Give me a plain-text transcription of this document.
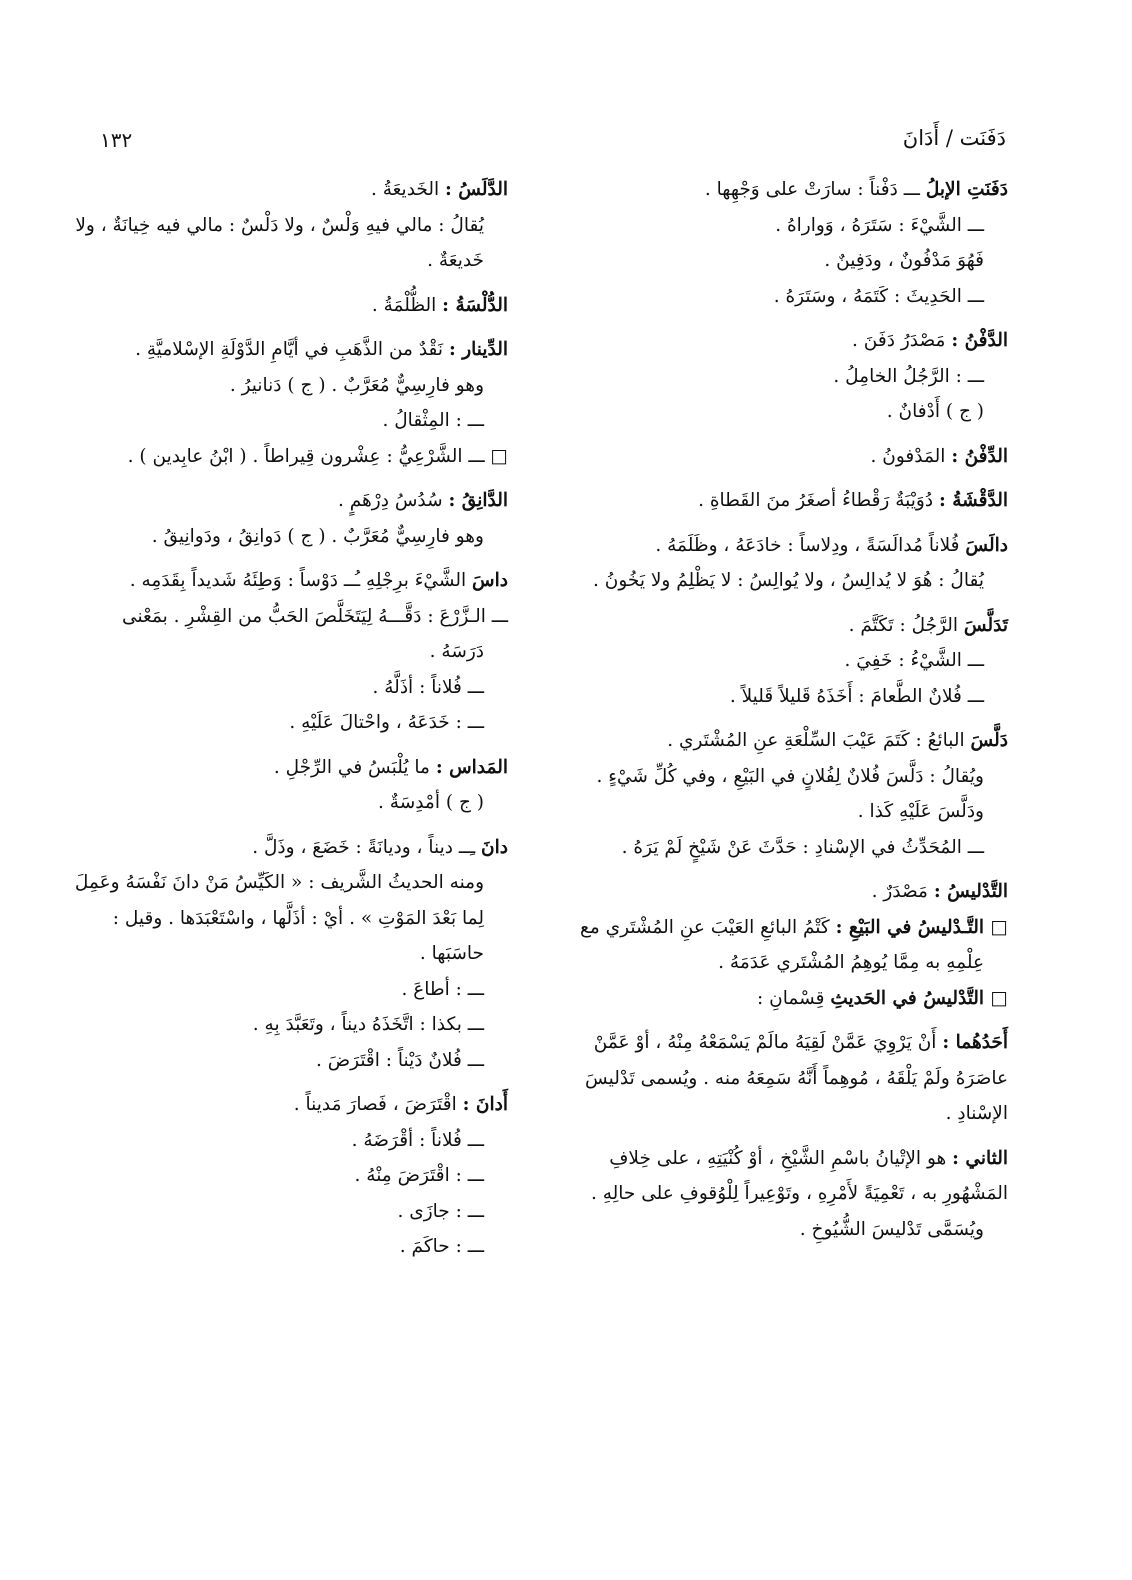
١٣٢	دَفَنَت / أَدَانَ
دَفَنَتِ الإبلُ ـــ دَفْناً : سارَتْ على وَجْهِها .
ـــ الشَّيْءَ : سَتَرَهُ ، وَواراهُ .
فَهُوَ مَدْفُونٌ ، ودَفِينٌ .
ـــ الحَدِيثَ : كَتَمَهُ ، وسَتَرَهُ .
الدَّفْنُ : مَصْدَرُ دَفَنَ .
ـــ : الرَّجُلُ الخامِلُ .
( ج ) أَدْفانٌ .
الدِّفْنُ : المَدْفونُ .
الدَّقْشَةُ : دُوَيْبَةٌ رَقْطاءُ أصغَرُ منَ القَطاةِ .
دالَسَ فُلاناً مُدالَسَةً ، ودِلاساً : خادَعَهُ ، وظَلَمَهُ .
يُقالُ : هُوَ لا يُدالِسُ ، ولا يُوالِسُ : لا يَظْلِمُ ولا يَخُونُ .
تَدَلَّسَ الرَّجُلُ : تَكَتَّمَ .
ـــ الشَّيْءُ : خَفِيَ .
ـــ فُلانٌ الطَّعامَ : أَخَذَهُ قَليلاً قَليلاً .
دَلَّسَ البائعُ : كَتَمَ عَيْبَ السِّلْعَةِ عنِ المُشْتَري .
ويُقالُ : دَلَّسَ فُلانٌ لِفُلانٍ في البَيْعِ ، وفي كُلِّ شَيْءٍ .
ودَلَّسَ عَلَيْهِ كَذا .
ـــ المُحَدِّثُ في الإسْنادِ : حَدَّثَ عَنْ شَيْخٍ لَمْ يَرَهُ .
التَّدْليسُ : مَصْدَرٌ .
□ التَّـدْليسُ في البَيْعِ : كَتْمُ البائعِ العَيْبَ عنِ المُشْتَري مع
عِلْمِهِ به مِمَّا يُوهِمُ المُشْتَري عَدَمَهُ .
□ التَّدْليسُ في الحَديثِ قِسْمانِ :
أَحَدُهُما : أَنْ يَرْوِيَ عَمَّنْ لَقِيَهُ مالَمْ يَسْمَعْهُ مِنْهُ ، أوْ عَمَّنْ
عاصَرَهُ ولَمْ يَلْقَهُ ، مُوهِماً أَنَّهُ سَمِعَهُ منه . ويُسمى تَدْليسَ
الإسْنادِ .
الثاني : هو الإتْيانُ باسْمِ الشَّيْخِ ، أوْ كُنْيَتِهِ ، على خِلافِ
المَشْهُورِ به ، تَعْمِيَةً لأَمْرِهِ ، وتَوْعِيراً لِلْوُقوفِ على حالِهِ .
ويُسَمَّى تَدْليسَ الشُّيُوخِ .
الدَّلَسُ : الخَديعَةُ .
يُقالُ : مالي فيهِ وَلْسٌ ، ولا دَلْسٌ : مالي فيه خِيانَةٌ ، ولا
خَديعَةٌ .
الدُّلْسَةُ : الظُّلْمَةُ .
الدِّينار : نَقْدٌ من الذَّهَبِ في أيَّامِ الدَّوْلَةِ الإسْلاميَّةِ .
وهو فارِسِيٌّ مُعَرَّبٌ . ( ج ) دَنانيرُ .
ـــ : المِثْقالُ .
□ ـــ الشَّرْعِيُّ : عِشْرون قِيراطاً . ( ابْنُ عابِدين ) .
الدَّانِقُ : سُدُسُ دِرْهَمٍ .
وهو فارِسِيٌّ مُعَرَّبٌ . ( ج ) دَوانِقُ ، ودَوانِيقُ .
داسَ الشَّيْءَ برِجْلِهِ ـُــ دَوْساً : وَطِئَهُ شَديداً بِقَدَمِه .
ـــ الـزَّرْعَ : دَقَّـــهُ لِيَتَخَلَّصَ الحَبُّ من القِشْرِ . بمَعْنى
دَرَسَهُ .
ـــ فُلاناً : أذَلَّهُ .
ـــ : خَدَعَهُ ، واحْتالَ عَلَيْهِ .
المَداس : ما يُلْبَسُ في الرِّجْلِ .
( ج ) أمْدِسَةٌ .
دانَ ـِــ ديناً ، وديانَةً : خَضَعَ ، وذَلَّ .
ومنه الحديثُ الشَّريف : « الكَيِّسُ مَنْ دانَ نَفْسَهُ وعَمِلَ
لِما بَعْدَ المَوْتِ » . أيْ : أذَلَّها ، واسْتَعْبَدَها . وقيل :
حاسَبَها .
ـــ : أطاعَ .
ـــ بكذا : اتَّخَذَهُ ديناً ، وتَعَبَّدَ بِهِ .
ـــ فُلانٌ دَيْناً : اقْتَرَضَ .
أَدانَ : اقْتَرَضَ ، فَصارَ مَديناً .
ـــ فُلاناً : أقْرَضَهُ .
ـــ : اقْتَرَضَ مِنْهُ .
ـــ : جازَى .
ـــ : حاكَمَ .
